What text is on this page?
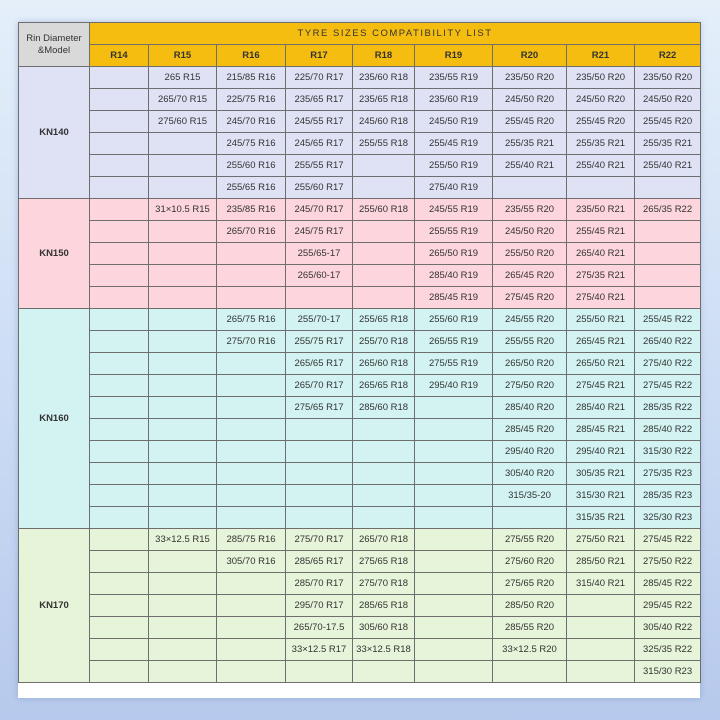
Rin Diameter
&Model	TYRE SIZES COMPATIBILITY LIST								
	R14	R15	R16	R17	R18	R19	R20	R21	R22
KN140		265 R15	215/85 R16	225/70 R17	235/60 R18	235/55 R19	235/50 R20	235/50 R20	235/50 R20
		265/70 R15	225/75 R16	235/65 R17	235/65 R18	235/60 R19	245/50 R20	245/50 R20	245/50 R20
		275/60 R15	245/70 R16	245/55 R17	245/60 R18	245/50 R19	255/45 R20	255/45 R20	255/45 R20
			245/75 R16	245/65 R17	255/55 R18	255/45 R19	255/35 R21	255/35 R21	255/35 R21
			255/60 R16	255/55 R17		255/50 R19	255/40 R21	255/40 R21	255/40 R21
			255/65 R16	255/60 R17		275/40 R19			
KN150		31×10.5 R15	235/85 R16	245/70 R17	255/60 R18	245/55 R19	235/55 R20	235/50 R21	265/35 R22
			265/70 R16	245/75 R17		255/55 R19	245/50 R20	255/45 R21	
				255/65-17		265/50 R19	255/50 R20	265/40 R21	
				265/60-17		285/40 R19	265/45 R20	275/35 R21	
						285/45 R19	275/45 R20	275/40 R21	
KN160			265/75 R16	255/70-17	255/65 R18	255/60 R19	245/55 R20	255/50 R21	255/45 R22
			275/70 R16	255/75 R17	255/70 R18	265/55 R19	255/55 R20	265/45 R21	265/40 R22
				265/65 R17	265/60 R18	275/55 R19	265/50 R20	265/50 R21	275/40 R22
				265/70 R17	265/65 R18	295/40 R19	275/50 R20	275/45 R21	275/45 R22
				275/65 R17	285/60 R18		285/40 R20	285/40 R21	285/35 R22
							285/45 R20	285/45 R21	285/40 R22
							295/40 R20	295/40 R21	315/30 R22
							305/40 R20	305/35 R21	275/35 R23
							315/35-20	315/30 R21	285/35 R23
								315/35 R21	325/30 R23
KN170		33×12.5 R15	285/75 R16	275/70 R17	265/70 R18		275/55 R20	275/50 R21	275/45 R22
			305/70 R16	285/65 R17	275/65 R18		275/60 R20	285/50 R21	275/50 R22
				285/70 R17	275/70 R18		275/65 R20	315/40 R21	285/45 R22
				295/70 R17	285/65 R18		285/50 R20		295/45 R22
				265/70-17.5	305/60 R18		285/55 R20		305/40 R22
				33×12.5 R17	33×12.5 R18		33×12.5 R20		325/35 R22
									315/30 R23
